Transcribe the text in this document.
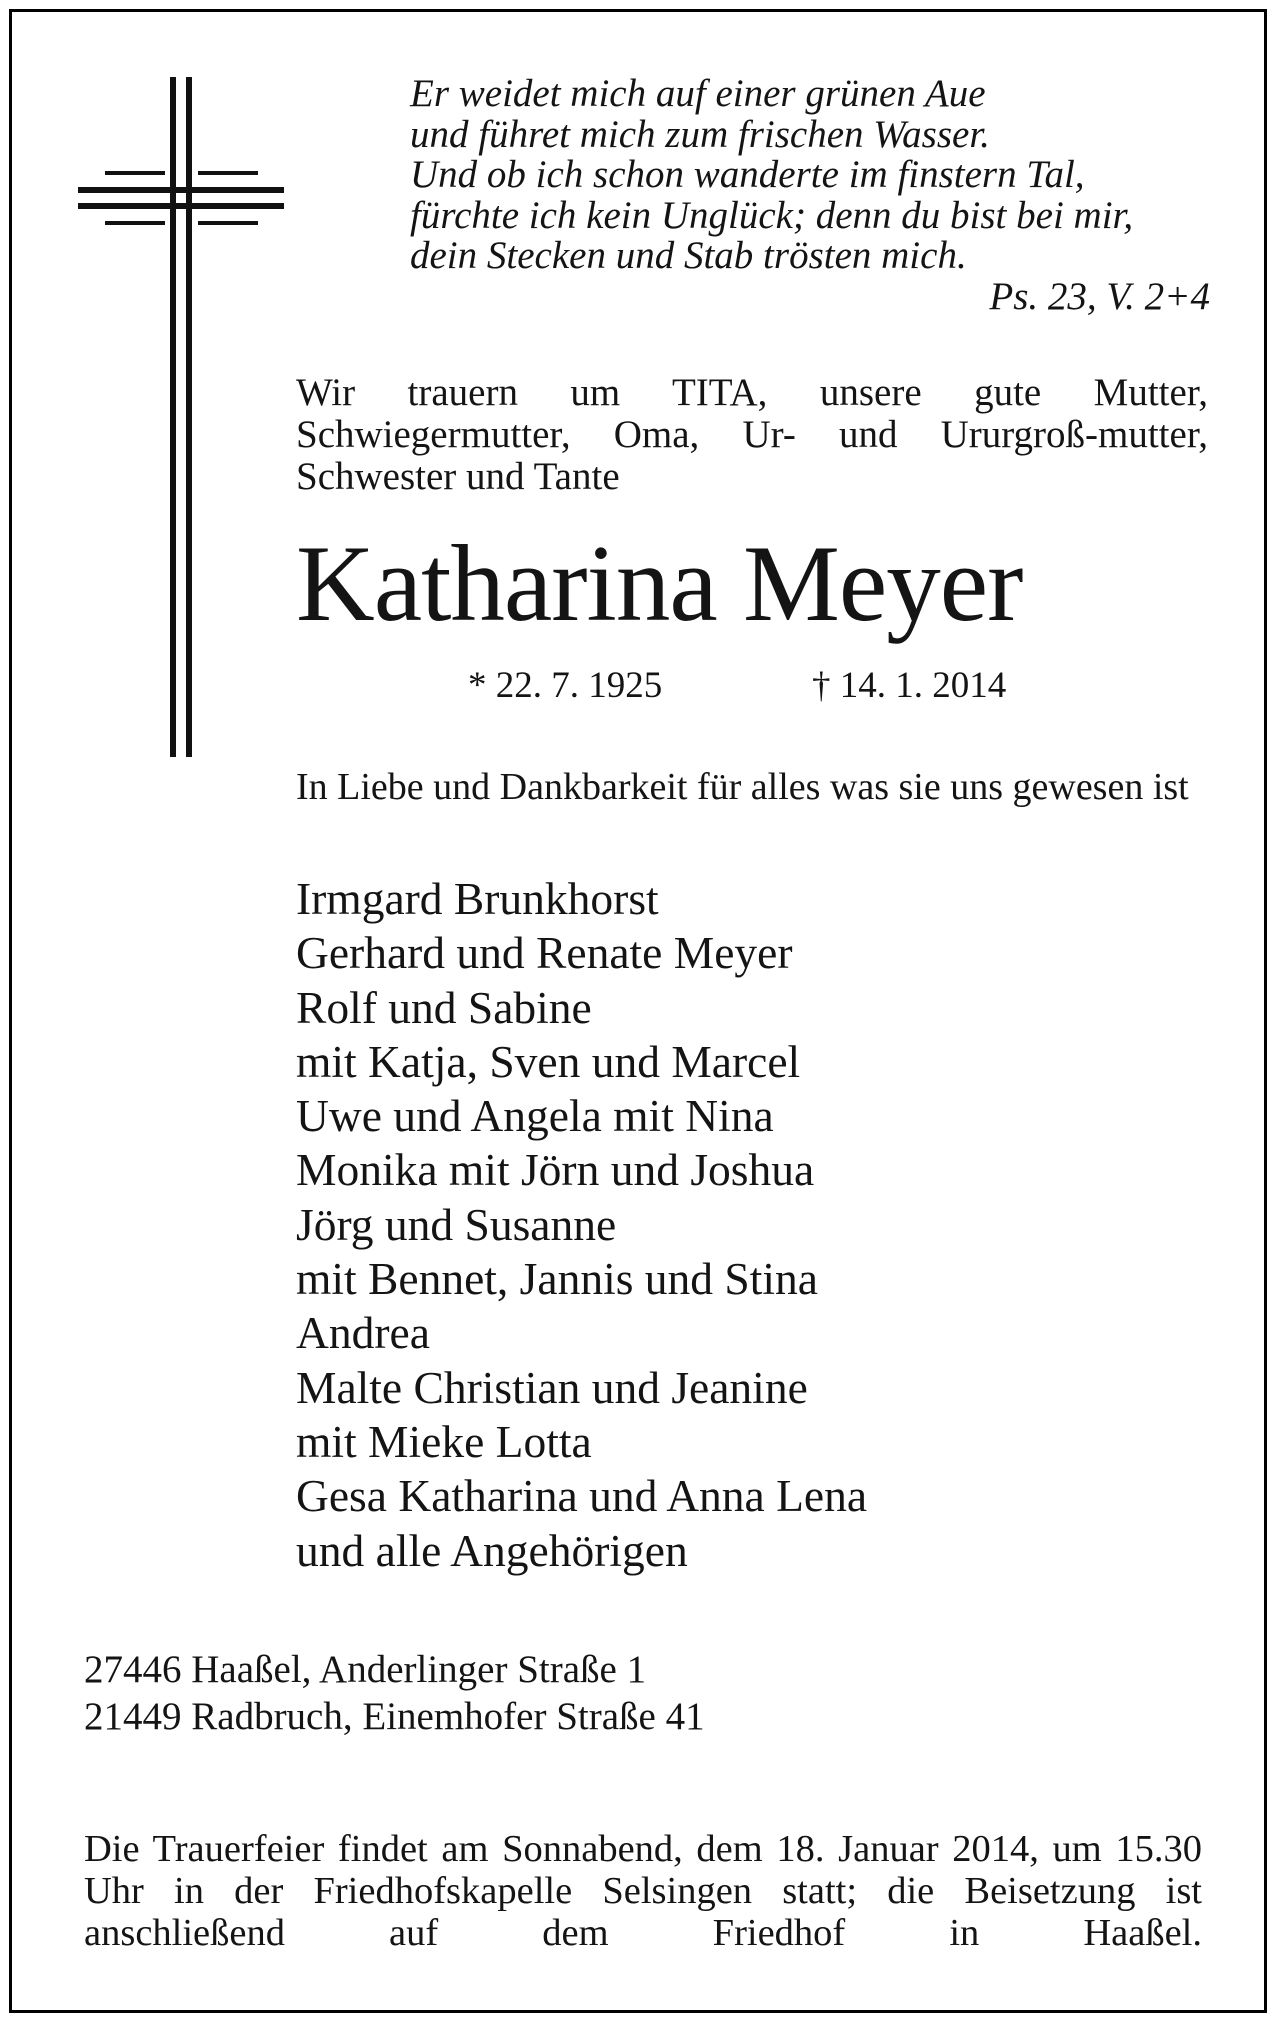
Er weidet mich auf einer grünen Aue
und führet mich zum frischen Wasser.
Und ob ich schon wanderte im finstern Tal,
fürchte ich kein Unglück; denn du bist bei mir,
dein Stecken und Stab trösten mich.
Ps. 23, V. 2+4
Wir trauern um TITA, unsere gute Mutter, Schwiegermutter, Oma, Ur- und Ururgroß-mutter, Schwester und Tante
Katharina Meyer
* 22. 7. 1925	† 14. 1. 2014
In Liebe und Dankbarkeit für alles was sie uns gewesen ist
Irmgard Brunkhorst
Gerhard und Renate Meyer
Rolf und Sabine
mit Katja, Sven und Marcel
Uwe und Angela mit Nina
Monika mit Jörn und Joshua
Jörg und Susanne
mit Bennet, Jannis und Stina
Andrea
Malte Christian und Jeanine
mit Mieke Lotta
Gesa Katharina und Anna Lena
und alle Angehörigen
27446 Haaßel, Anderlinger Straße 1
21449 Radbruch, Einemhofer Straße 41
Die Trauerfeier findet am Sonnabend, dem 18. Januar 2014, um 15.30 Uhr in der Friedhofskapelle Selsingen statt; die Beisetzung ist anschließend auf dem Friedhof in Haaßel.
